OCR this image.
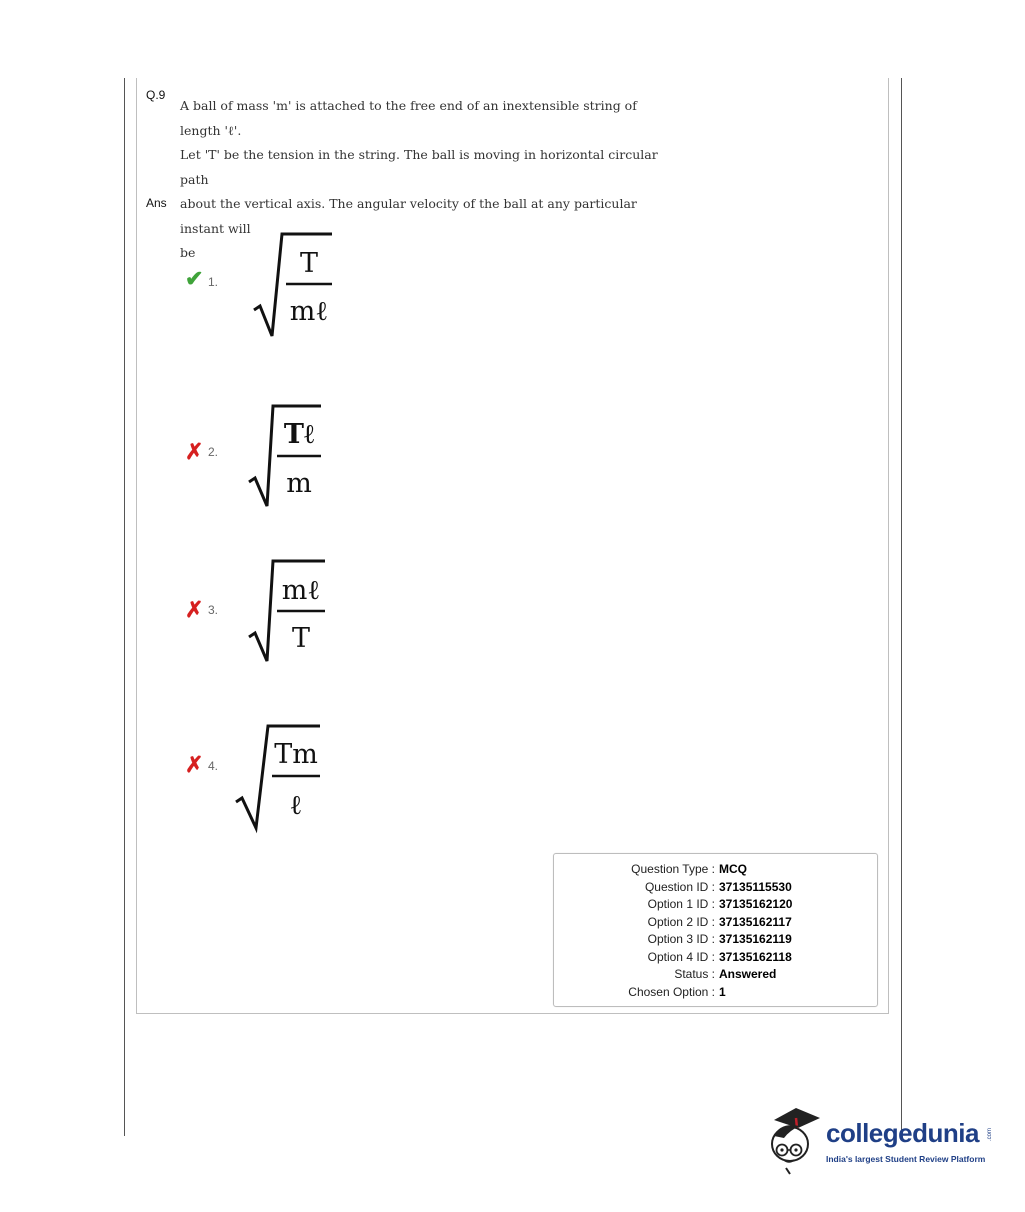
Q.9

A ball of mass 'm' is attached to the free end of an inextensible string of length 'ℓ'.

Let 'T' be the tension in the string. The ball is moving in horizontal circular path

about the vertical axis. The angular velocity of the ball at any particular instant will

be

Ans
✔ 1.
T
mℓ
✗ 2.
Tℓ
m
✗ 3.
mℓ
T
✗ 4. Tm
ℓ
Question Type : MCQ
Question ID : 37135115530
Option 1 ID : 37135162120
Option 2 ID : 37135162117
Option 3 ID : 37135162119
Option 4 ID : 37135162118
Status : Answered
Chosen Option : 1
collegedunia .com
India's largest Student Review Platform
